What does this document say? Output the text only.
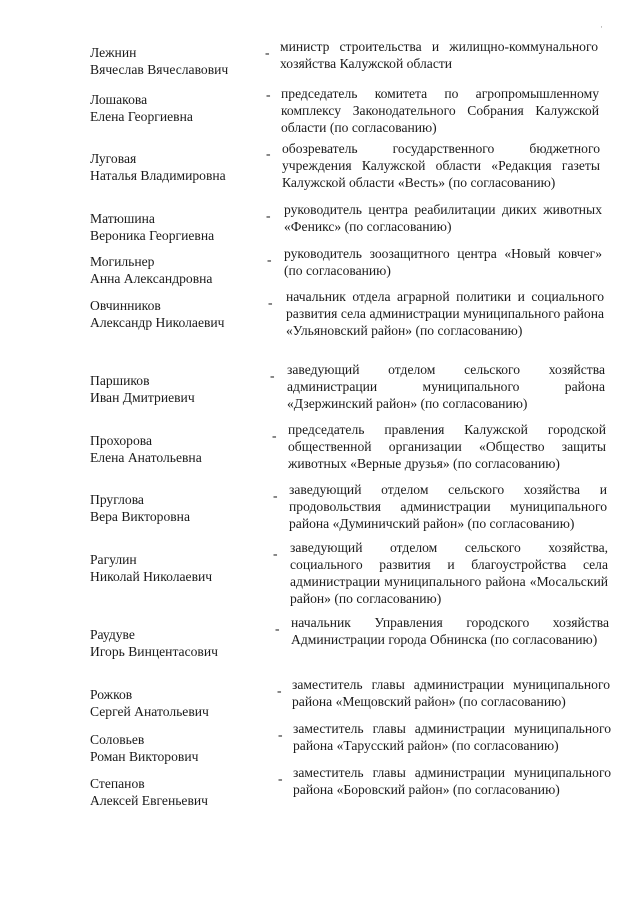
·
Лежнин
Вячеслав Вячеславович
- министр строительства и жилищно-коммунального хозяйства Калужской области
Лошакова
Елена Георгиевна
- председатель комитета по агропромышленному комплексу Законодательного Собрания Калужской области (по согласованию)
Луговая
Наталья Владимировна
- обозреватель государственного бюджетного учреждения Калужской области «Редакция газеты Калужской области «Весть» (по согласованию)
Матюшина
Вероника Георгиевна
- руководитель центра реабилитации диких животных «Феникс» (по согласованию)
Могильнер
Анна Александровна
- руководитель зоозащитного центра «Новый ковчег» (по согласованию)
Овчинников
Александр Николаевич
- начальник отдела аграрной политики и социального развития села администрации муниципального района «Ульяновский район» (по согласованию)
Паршиков
Иван Дмитриевич
- заведующий отделом сельского хозяйства администрации муниципального района «Дзержинский район» (по согласованию)
Прохорова
Елена Анатольевна
- председатель правления Калужской городской общественной организации «Общество защиты животных «Верные друзья» (по согласованию)
Пруглова
Вера Викторовна
- заведующий отделом сельского хозяйства и продовольствия администрации муниципального района «Думиничский район» (по согласованию)
Рагулин
Николай Николаевич
- заведующий отделом сельского хозяйства, социального развития и благоустройства села администрации муниципального района «Мосальский район» (по согласованию)
Раудуве
Игорь Винцентасович
- начальник Управления городского хозяйства Администрации города Обнинска (по согласованию)
Рожков
Сергей Анатольевич
- заместитель главы администрации муниципального района «Мещовский район» (по согласованию)
Соловьев
Роман Викторович
- заместитель главы администрации муниципального района «Тарусский район» (по согласованию)
Степанов
Алексей Евгеньевич
- заместитель главы администрации муниципального района «Боровский район» (по согласованию)
